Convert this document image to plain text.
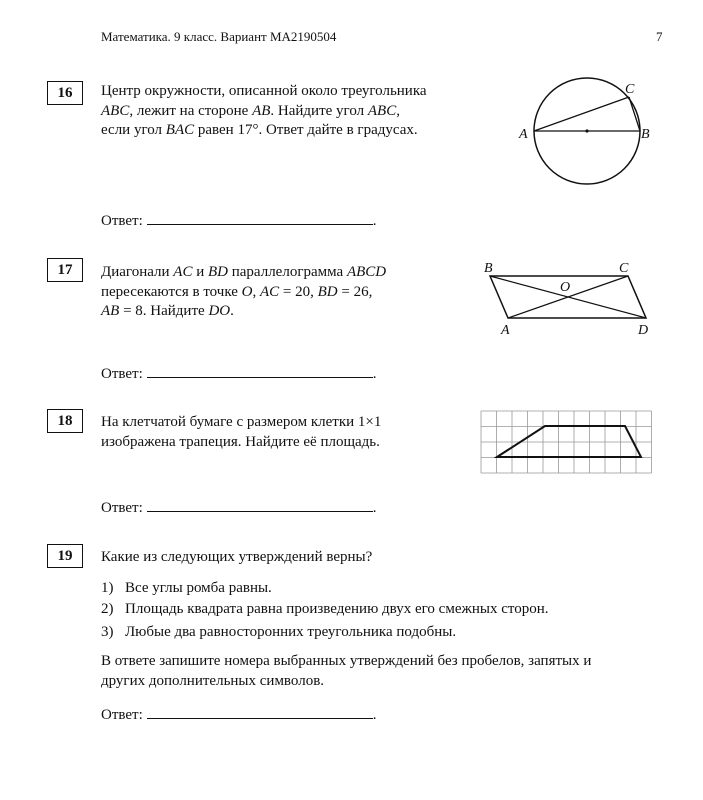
Математика. 9 класс. Вариант МА2190504	7
16	Центр окружности, описанной около треугольника
ABC, лежит на стороне AB. Найдите угол ABC,
если угол BAC равен 17°. Ответ дайте в градусах.	A	B
C
Ответ:	.
17	Диагонали AC и BD параллелограмма ABCD
пересекаются в точке O, AC = 20, BD = 26,
AB = 8. Найдите DO.
B	C
A	D
O
Ответ:	.
18	На клетчатой бумаге с размером клетки 1×1
изображена трапеция. Найдите её площадь.
Ответ:	.
19	Какие из следующих утверждений верны?
1) Все углы ромба равны.
2) Площадь квадрата равна произведению двух его смежных сторон.
3) Любые два равносторонних треугольника подобны.
В ответе запишите номера выбранных утверждений без пробелов, запятых и
других дополнительных символов.
Ответ:	.
